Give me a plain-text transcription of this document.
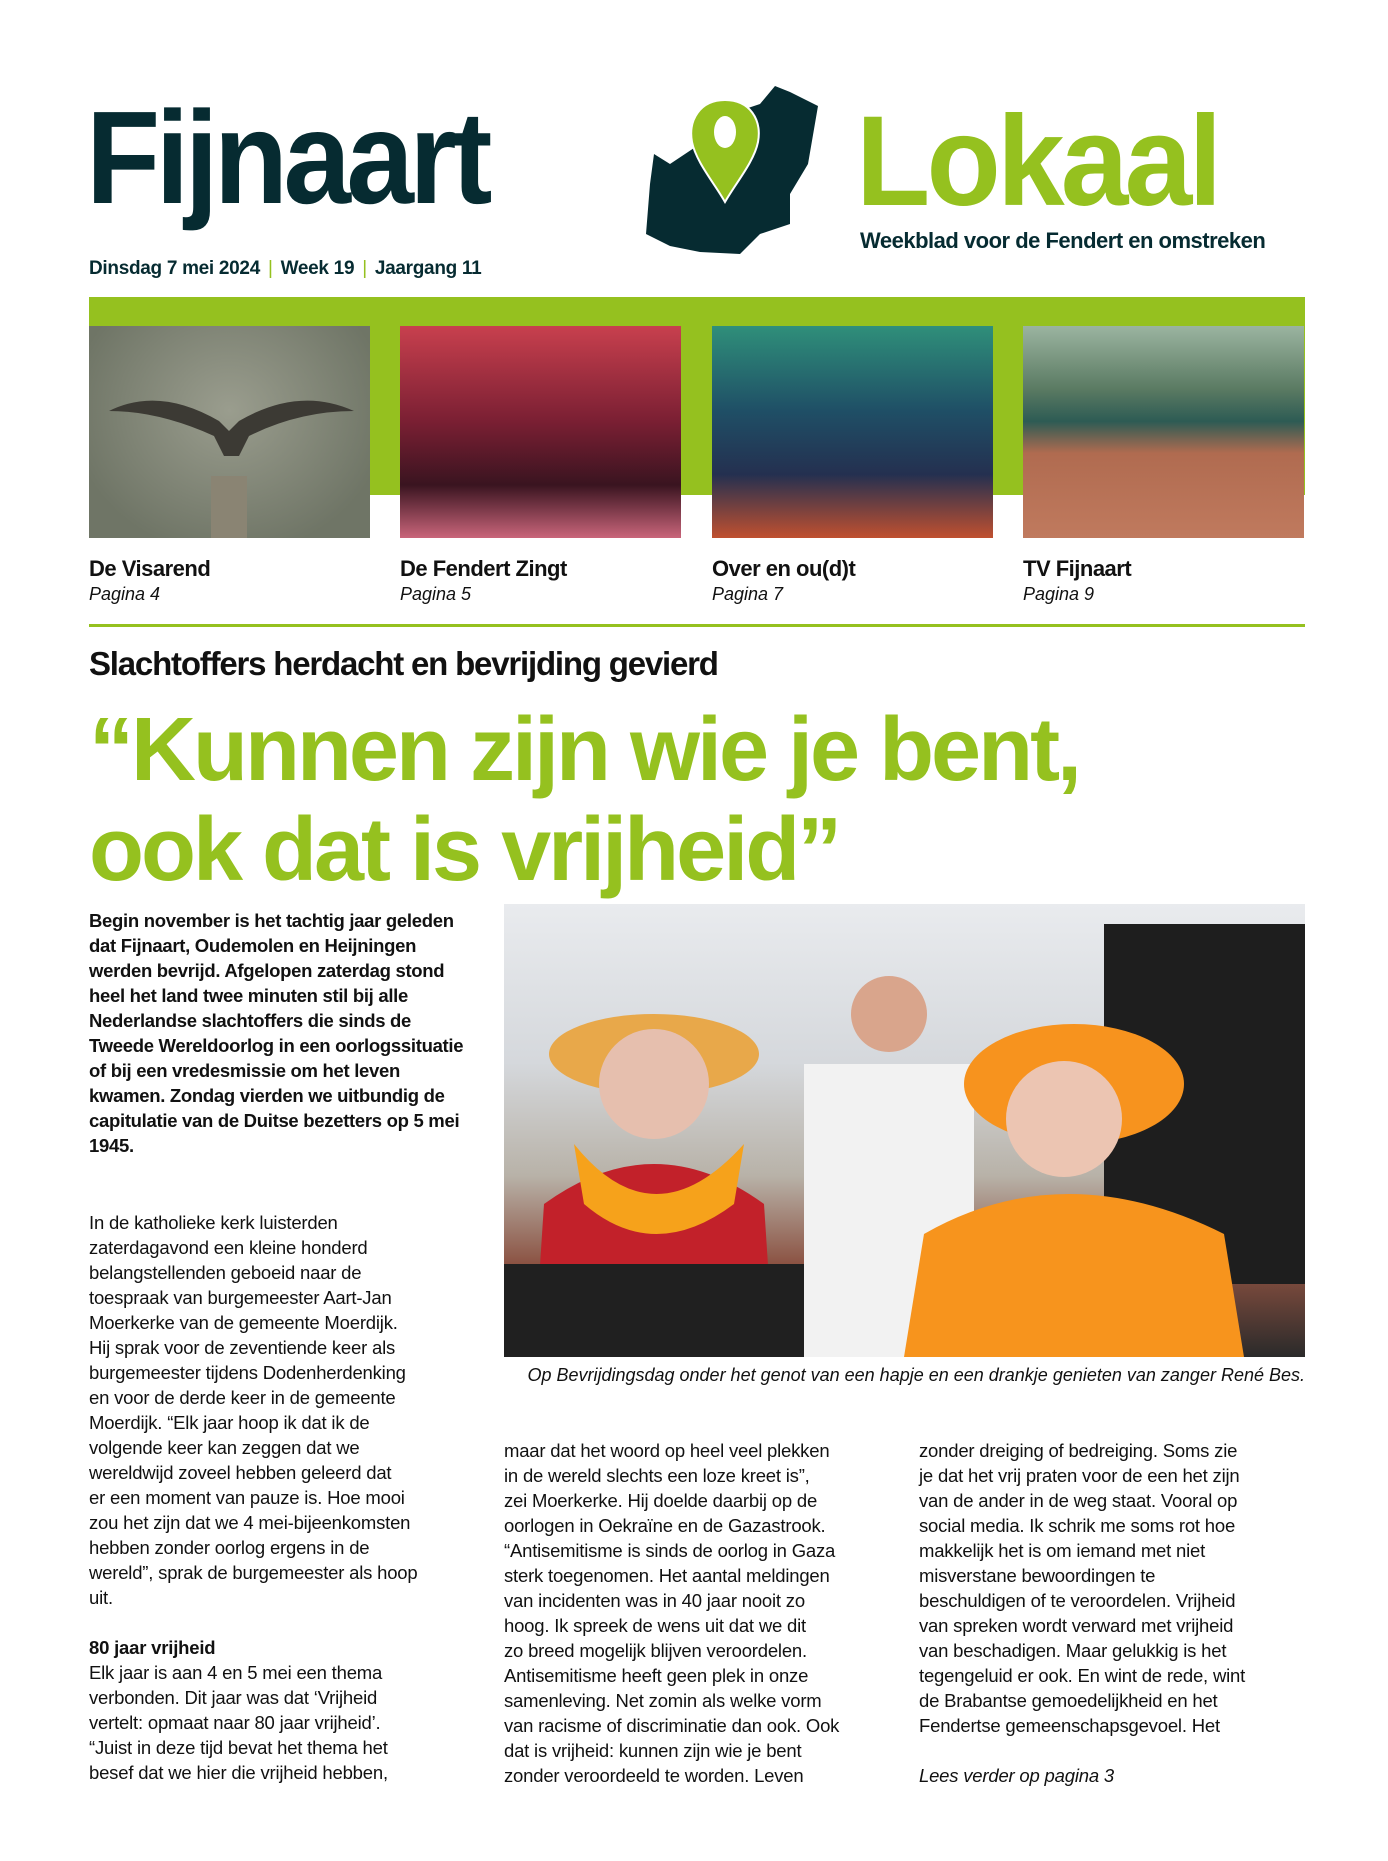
Fijnaart	Lokaal
Weekblad voor de Fendert en omstreken
Dinsdag 7 mei 2024 | Week 19 | Jaargang 11
De Visarend
Pagina 4
De Fendert Zingt
Pagina 5
Over en ou(d)t
Pagina 7
TV Fijnaart
Pagina 9
Slachtoffers herdacht en bevrijding gevierd
“Kunnen zijn wie je bent,
ook dat is vrijheid”
Begin november is het tachtig jaar geleden dat Fijnaart, Oudemolen en Heijningen werden bevrijd. Afgelopen zaterdag stond heel het land twee minuten stil bij alle Nederlandse slachtoffers die sinds de Tweede Wereldoorlog in een oorlogssituatie of bij een vredesmissie om het leven kwamen. Zondag vierden we uitbundig de capitulatie van de Duitse bezetters op 5 mei 1945.
Op Bevrijdingsdag onder het genot van een hapje en een drankje genieten van zanger René Bes.
In de katholieke kerk luisterden
zaterdagavond een kleine honderd
belangstellenden geboeid naar de
toespraak van burgemeester Aart-Jan
Moerkerke van de gemeente Moerdijk.
Hij sprak voor de zeventiende keer als
burgemeester tijdens Dodenherdenking
en voor de derde keer in de gemeente
Moerdijk. “Elk jaar hoop ik dat ik de
volgende keer kan zeggen dat we
wereldwijd zoveel hebben geleerd dat
er een moment van pauze is. Hoe mooi
zou het zijn dat we 4 mei-bijeenkomsten
hebben zonder oorlog ergens in de
wereld”, sprak de burgemeester als hoop
uit.
80 jaar vrijheid
Elk jaar is aan 4 en 5 mei een thema
verbonden. Dit jaar was dat ‘Vrijheid
vertelt: opmaat naar 80 jaar vrijheid’.
“Juist in deze tijd bevat het thema het
besef dat we hier die vrijheid hebben,
maar dat het woord op heel veel plekken
in de wereld slechts een loze kreet is”,
zei Moerkerke. Hij doelde daarbij op de
oorlogen in Oekraïne en de Gazastrook.
“Antisemitisme is sinds de oorlog in Gaza
sterk toegenomen. Het aantal meldingen
van incidenten was in 40 jaar nooit zo
hoog. Ik spreek de wens uit dat we dit
zo breed mogelijk blijven veroordelen.
Antisemitisme heeft geen plek in onze
samenleving. Net zomin als welke vorm
van racisme of discriminatie dan ook. Ook
dat is vrijheid: kunnen zijn wie je bent
zonder veroordeeld te worden. Leven
zonder dreiging of bedreiging. Soms zie
je dat het vrij praten voor de een het zijn
van de ander in de weg staat. Vooral op
social media. Ik schrik me soms rot hoe
makkelijk het is om iemand met niet
misverstane bewoordingen te
beschuldigen of te veroordelen. Vrijheid
van spreken wordt verward met vrijheid
van beschadigen. Maar gelukkig is het
tegengeluid er ook. En wint de rede, wint
de Brabantse gemoedelijkheid en het
Fendertse gemeenschapsgevoel. Het
Lees verder op pagina 3
